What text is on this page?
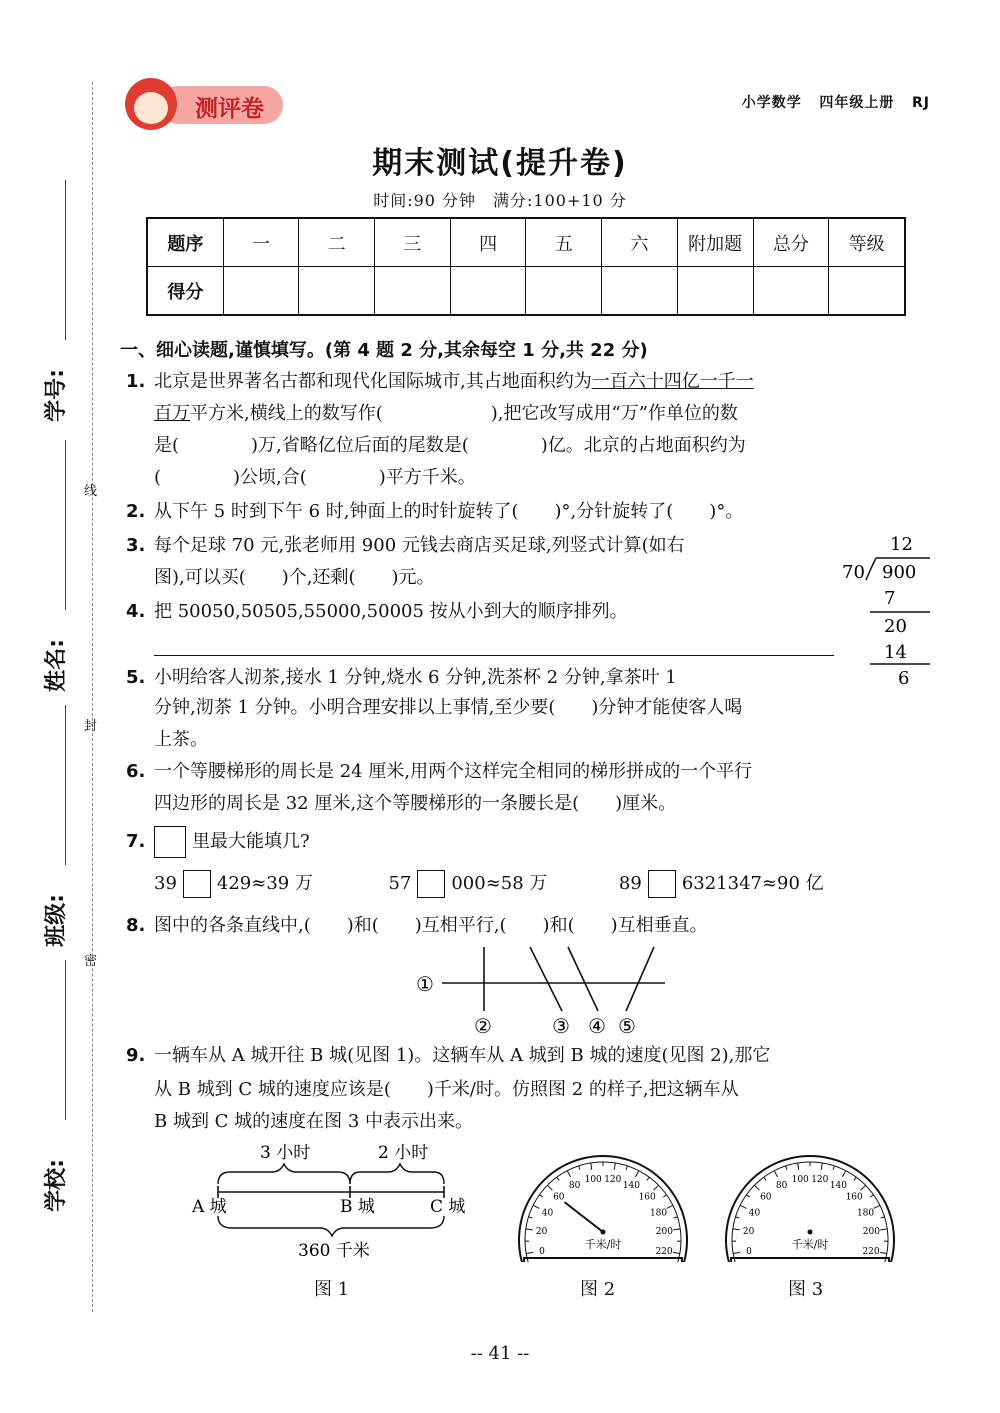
学号:
姓名:
班级:
学校:
线
封
密
测评卷	小学数学 四年级上册 RJ
期末测试(提升卷)
时间:90 分钟　满分:100+10 分
题序	一	二	三	四	五	六	附加题	总分	等级
得分									
一、细心读题,谨慎填写。(第 4 题 2 分,其余每空 1 分,共 22 分)
1. 北京是世界著名古都和现代化国际城市,其占地面积约为一百六十四亿一千一
百万平方米,横线上的数写作(　　　　　　),把它改写成用“万”作单位的数
是(　　　　)万,省略亿位后面的尾数是(　　　　)亿。北京的占地面积约为
(　　　　)公顷,合(　　　　)平方千米。
2. 从下午 5 时到下午 6 时,钟面上的时针旋转了(　　)°,分针旋转了(　　)°。
3. 每个足球 70 元,张老师用 900 元钱去商店买足球,列竖式计算(如右
图),可以买(　　)个,还剩(　　)元。
12
70 900
7
20
14
6
4. 把 50050,50505,55000,50005 按从小到大的顺序排列。
5. 小明给客人沏茶,接水 1 分钟,烧水 6 分钟,洗茶杯 2 分钟,拿茶叶 1
分钟,沏茶 1 分钟。小明合理安排以上事情,至少要(　　)分钟才能使客人喝
上茶。
6. 一个等腰梯形的周长是 24 厘米,用两个这样完全相同的梯形拼成的一个平行
四边形的周长是 32 厘米,这个等腰梯形的一条腰长是(　　)厘米。
7.	里最大能填几?
39 429≈39 万	57 000≈58 万	89 6321347≈90 亿
8. 图中的各条直线中,(　　)和(　　)互相平行,(　　)和(　　)互相垂直。
①
②	③ ④ ⑤
9. 一辆车从 A 城开往 B 城(见图 1)。这辆车从 A 城到 B 城的速度(见图 2),那它
从 B 城到 C 城的速度应该是(　　)千米/时。仿照图 2 的样子,把这辆车从
B 城到 C 城的速度在图 3 中表示出来。
3 小时	2 小时
A 城	B 城	C 城
360 千米	0
20
40
60
80
100 120
140
160
180
200
220
千米/时
0
20
40
60
80
100 120
140
160
180
200
220
千米/时
图 1	图 2	图 3
-- 41 --
